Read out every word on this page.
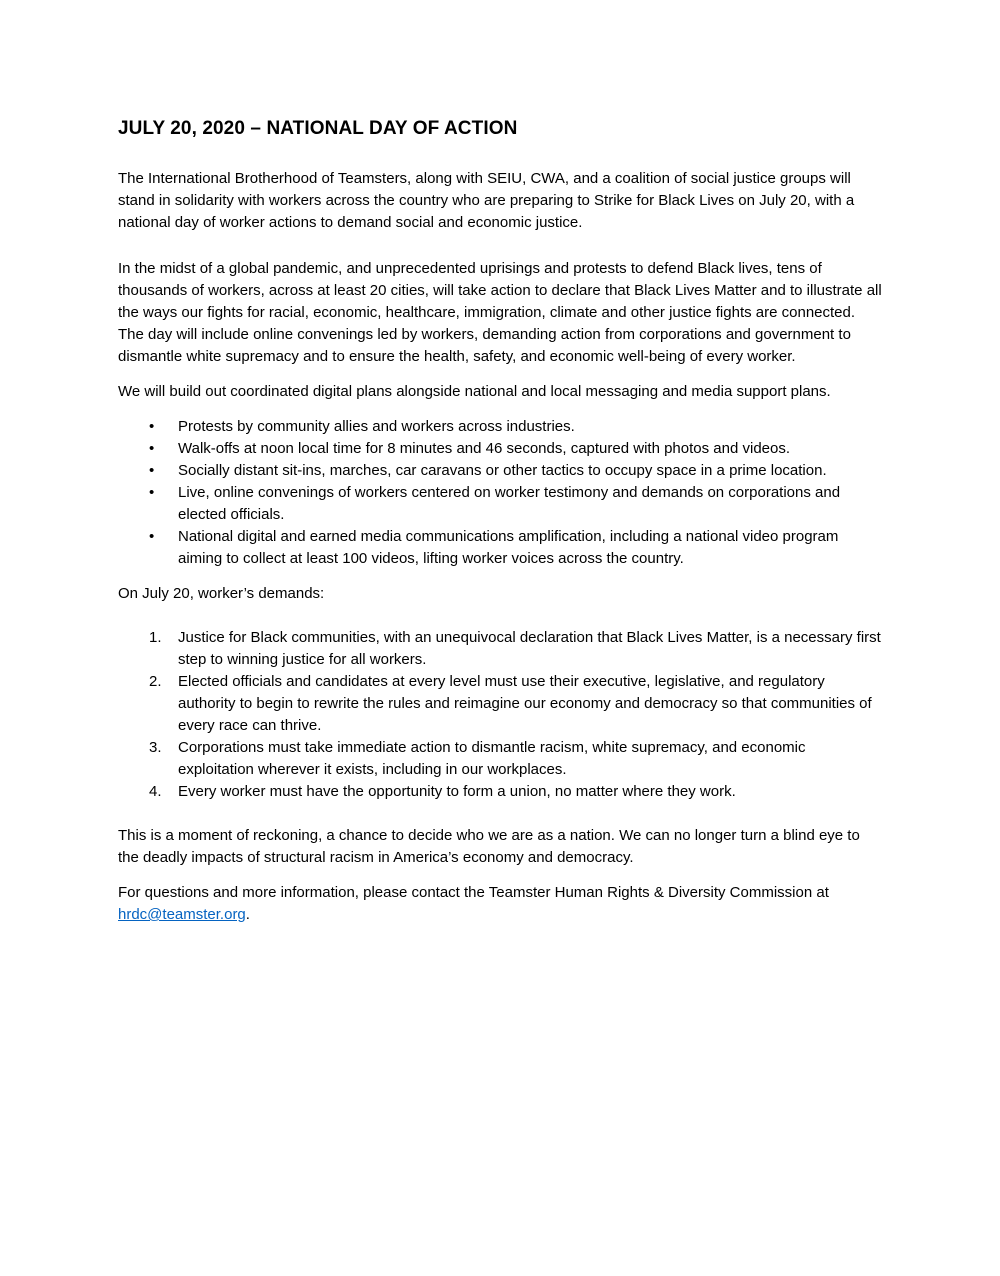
JULY 20, 2020 – NATIONAL DAY OF ACTION

The International Brotherhood of Teamsters, along with SEIU, CWA, and a coalition of social justice groups will stand in solidarity with workers across the country who are preparing to Strike for Black Lives on July 20, with a national day of worker actions to demand social and economic justice.

In the midst of a global pandemic, and unprecedented uprisings and protests to defend Black lives, tens of thousands of workers, across at least 20 cities, will take action to declare that Black Lives Matter and to illustrate all the ways our fights for racial, economic, healthcare, immigration, climate and other justice fights are connected. The day will include online convenings led by workers, demanding action from corporations and government to dismantle white supremacy and to ensure the health, safety, and economic well-being of every worker.

We will build out coordinated digital plans alongside national and local messaging and media support plans.

•	Protests by community allies and workers across industries.
•	Walk-offs at noon local time for 8 minutes and 46 seconds, captured with photos and videos.
•	Socially distant sit-ins, marches, car caravans or other tactics to occupy space in a prime location.
•	Live, online convenings of workers centered on worker testimony and demands on corporations and elected officials.
•	National digital and earned media communications amplification, including a national video program aiming to collect at least 100 videos, lifting worker voices across the country.

On July 20, worker’s demands:

1.	Justice for Black communities, with an unequivocal declaration that Black Lives Matter, is a necessary first step to winning justice for all workers.
2.	Elected officials and candidates at every level must use their executive, legislative, and regulatory authority to begin to rewrite the rules and reimagine our economy and democracy so that communities of every race can thrive.
3.	Corporations must take immediate action to dismantle racism, white supremacy, and economic exploitation wherever it exists, including in our workplaces.
4.	Every worker must have the opportunity to form a union, no matter where they work.

This is a moment of reckoning, a chance to decide who we are as a nation. We can no longer turn a blind eye to the deadly impacts of structural racism in America’s economy and democracy.

For questions and more information, please contact the Teamster Human Rights & Diversity Commission at hrdc@teamster.org.
